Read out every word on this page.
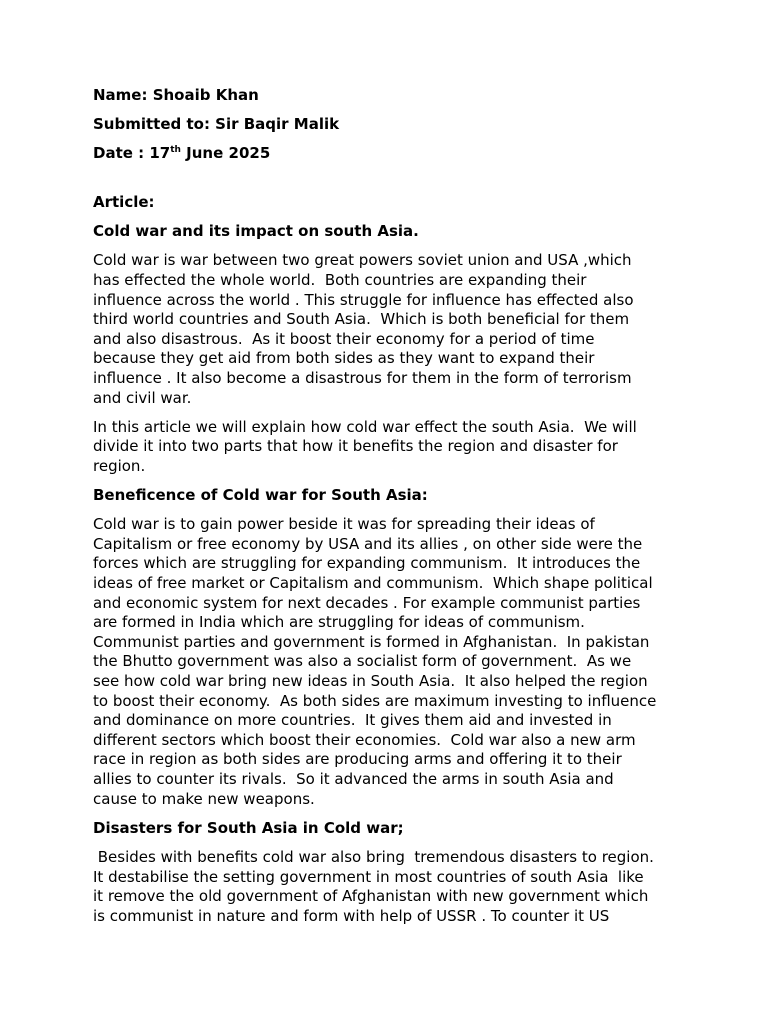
Name: Shoaib Khan

Submitted to: Sir Baqir Malik

Date : 17th June 2025

Article:

Cold war and its impact on south Asia.

Cold war is war between two great powers soviet union and USA ,which
has effected the whole world.  Both countries are expanding their
influence across the world . This struggle for influence has effected also
third world countries and South Asia.  Which is both beneficial for them
and also disastrous.  As it boost their economy for a period of time
because they get aid from both sides as they want to expand their
influence . It also become a disastrous for them in the form of terrorism
and civil war.
In this article we will explain how cold war effect the south Asia.  We will
divide it into two parts that how it benefits the region and disaster for
region.

Beneficence of Cold war for South Asia:

Cold war is to gain power beside it was for spreading their ideas of
Capitalism or free economy by USA and its allies , on other side were the
forces which are struggling for expanding communism.  It introduces the
ideas of free market or Capitalism and communism.  Which shape political
and economic system for next decades . For example communist parties
are formed in India which are struggling for ideas of communism.
Communist parties and government is formed in Afghanistan.  In pakistan
the Bhutto government was also a socialist form of government.  As we
see how cold war bring new ideas in South Asia.  It also helped the region
to boost their economy.  As both sides are maximum investing to influence
and dominance on more countries.  It gives them aid and invested in
different sectors which boost their economies.  Cold war also a new arm
race in region as both sides are producing arms and offering it to their
allies to counter its rivals.  So it advanced the arms in south Asia and
cause to make new weapons.

Disasters for South Asia in Cold war;

Besides with benefits cold war also bring  tremendous disasters to region.
It destabilise the setting government in most countries of south Asia  like
it remove the old government of Afghanistan with new government which
is communist in nature and form with help of USSR . To counter it US
